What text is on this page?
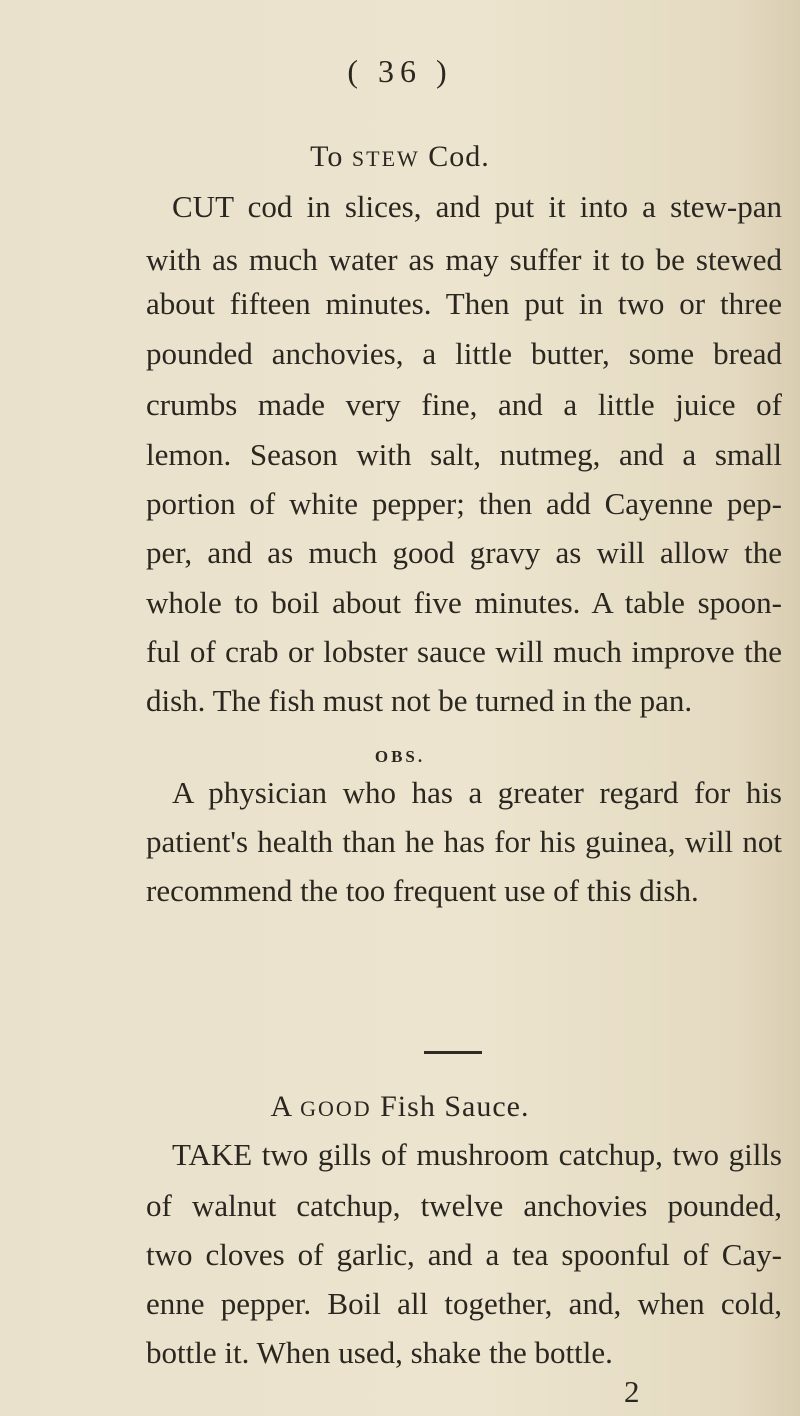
( 36 )
To STEW Cod.
CUT cod in slices, and put it into a stew-pan
with as much water as may suffer it to be stewed
about fifteen minutes. Then put in two or three
pounded anchovies, a little butter, some bread
crumbs made very fine, and a little juice of
lemon. Season with salt, nutmeg, and a small
portion of white pepper; then add Cayenne pep-
per, and as much good gravy as will allow the
whole to boil about five minutes. A table spoon-
ful of crab or lobster sauce will much improve the
dish. The fish must not be turned in the pan.
OBS.
A physician who has a greater regard for his
patient's health than he has for his guinea, will not
recommend the too frequent use of this dish.
A GOOD Fish Sauce.
TAKE two gills of mushroom catchup, two gills
of walnut catchup, twelve anchovies pounded,
two cloves of garlic, and a tea spoonful of Cay-
enne pepper. Boil all together, and, when cold,
bottle it. When used, shake the bottle.
2
